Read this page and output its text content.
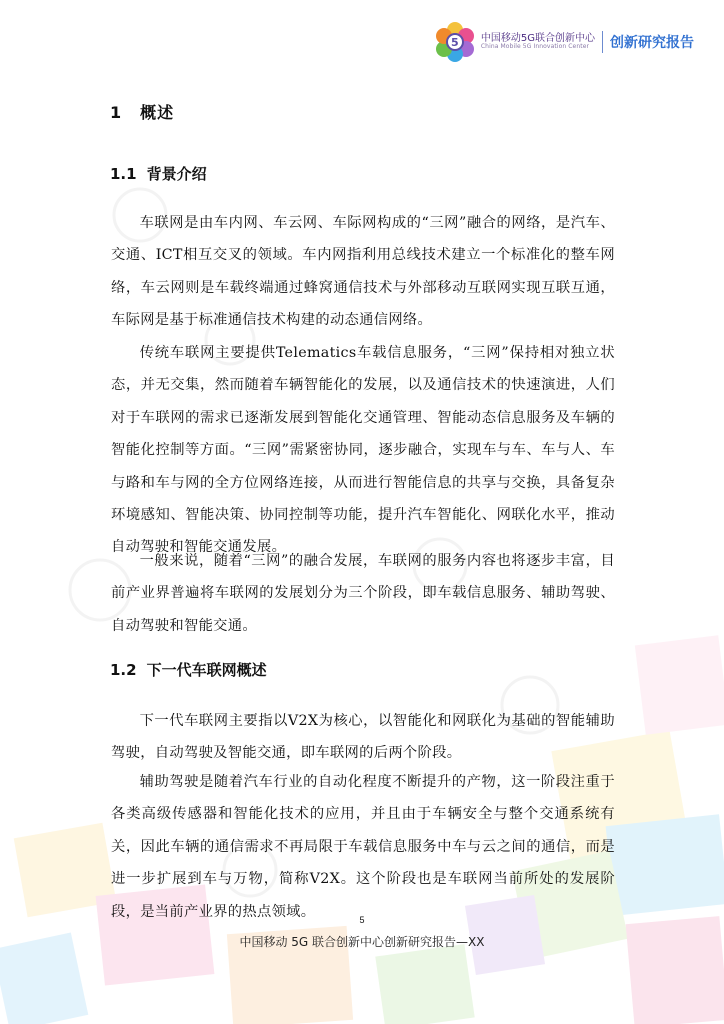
5	中国移动5G联合创新中心
China Mobile 5G Innovation Center	创新研究报告
1 概述
1.1 背景介绍

车联网是由车内网、车云网、车际网构成的“三网”融合的网络，是汽车、交通、ICT相互交叉的领域。车内网指利用总线技术建立一个标准化的整车网络，车云网则是车载终端通过蜂窝通信技术与外部移动互联网实现互联互通，车际网是基于标准通信技术构建的动态通信网络。

传统车联网主要提供Telematics车载信息服务，“三网”保持相对独立状态，并无交集，然而随着车辆智能化的发展，以及通信技术的快速演进，人们对于车联网的需求已逐渐发展到智能化交通管理、智能动态信息服务及车辆的智能化控制等方面。“三网”需紧密协同，逐步融合，实现车与车、车与人、车与路和车与网的全方位网络连接，从而进行智能信息的共享与交换，具备复杂环境感知、智能决策、协同控制等功能，提升汽车智能化、网联化水平，推动自动驾驶和智能交通发展。

一般来说，随着“三网”的融合发展，车联网的服务内容也将逐步丰富，目前产业界普遍将车联网的发展划分为三个阶段，即车载信息服务、辅助驾驶、自动驾驶和智能交通。

1.2 下一代车联网概述

下一代车联网主要指以V2X为核心，以智能化和网联化为基础的智能辅助驾驶，自动驾驶及智能交通，即车联网的后两个阶段。

辅助驾驶是随着汽车行业的自动化程度不断提升的产物，这一阶段注重于各类高级传感器和智能化技术的应用，并且由于车辆安全与整个交通系统有关，因此车辆的通信需求不再局限于车载信息服务中车与云之间的通信，而是进一步扩展到车与万物，简称V2X。这个阶段也是车联网当前所处的发展阶段，是当前产业界的热点领域。

5
中国移动 5G 联合创新中心创新研究报告—XX
